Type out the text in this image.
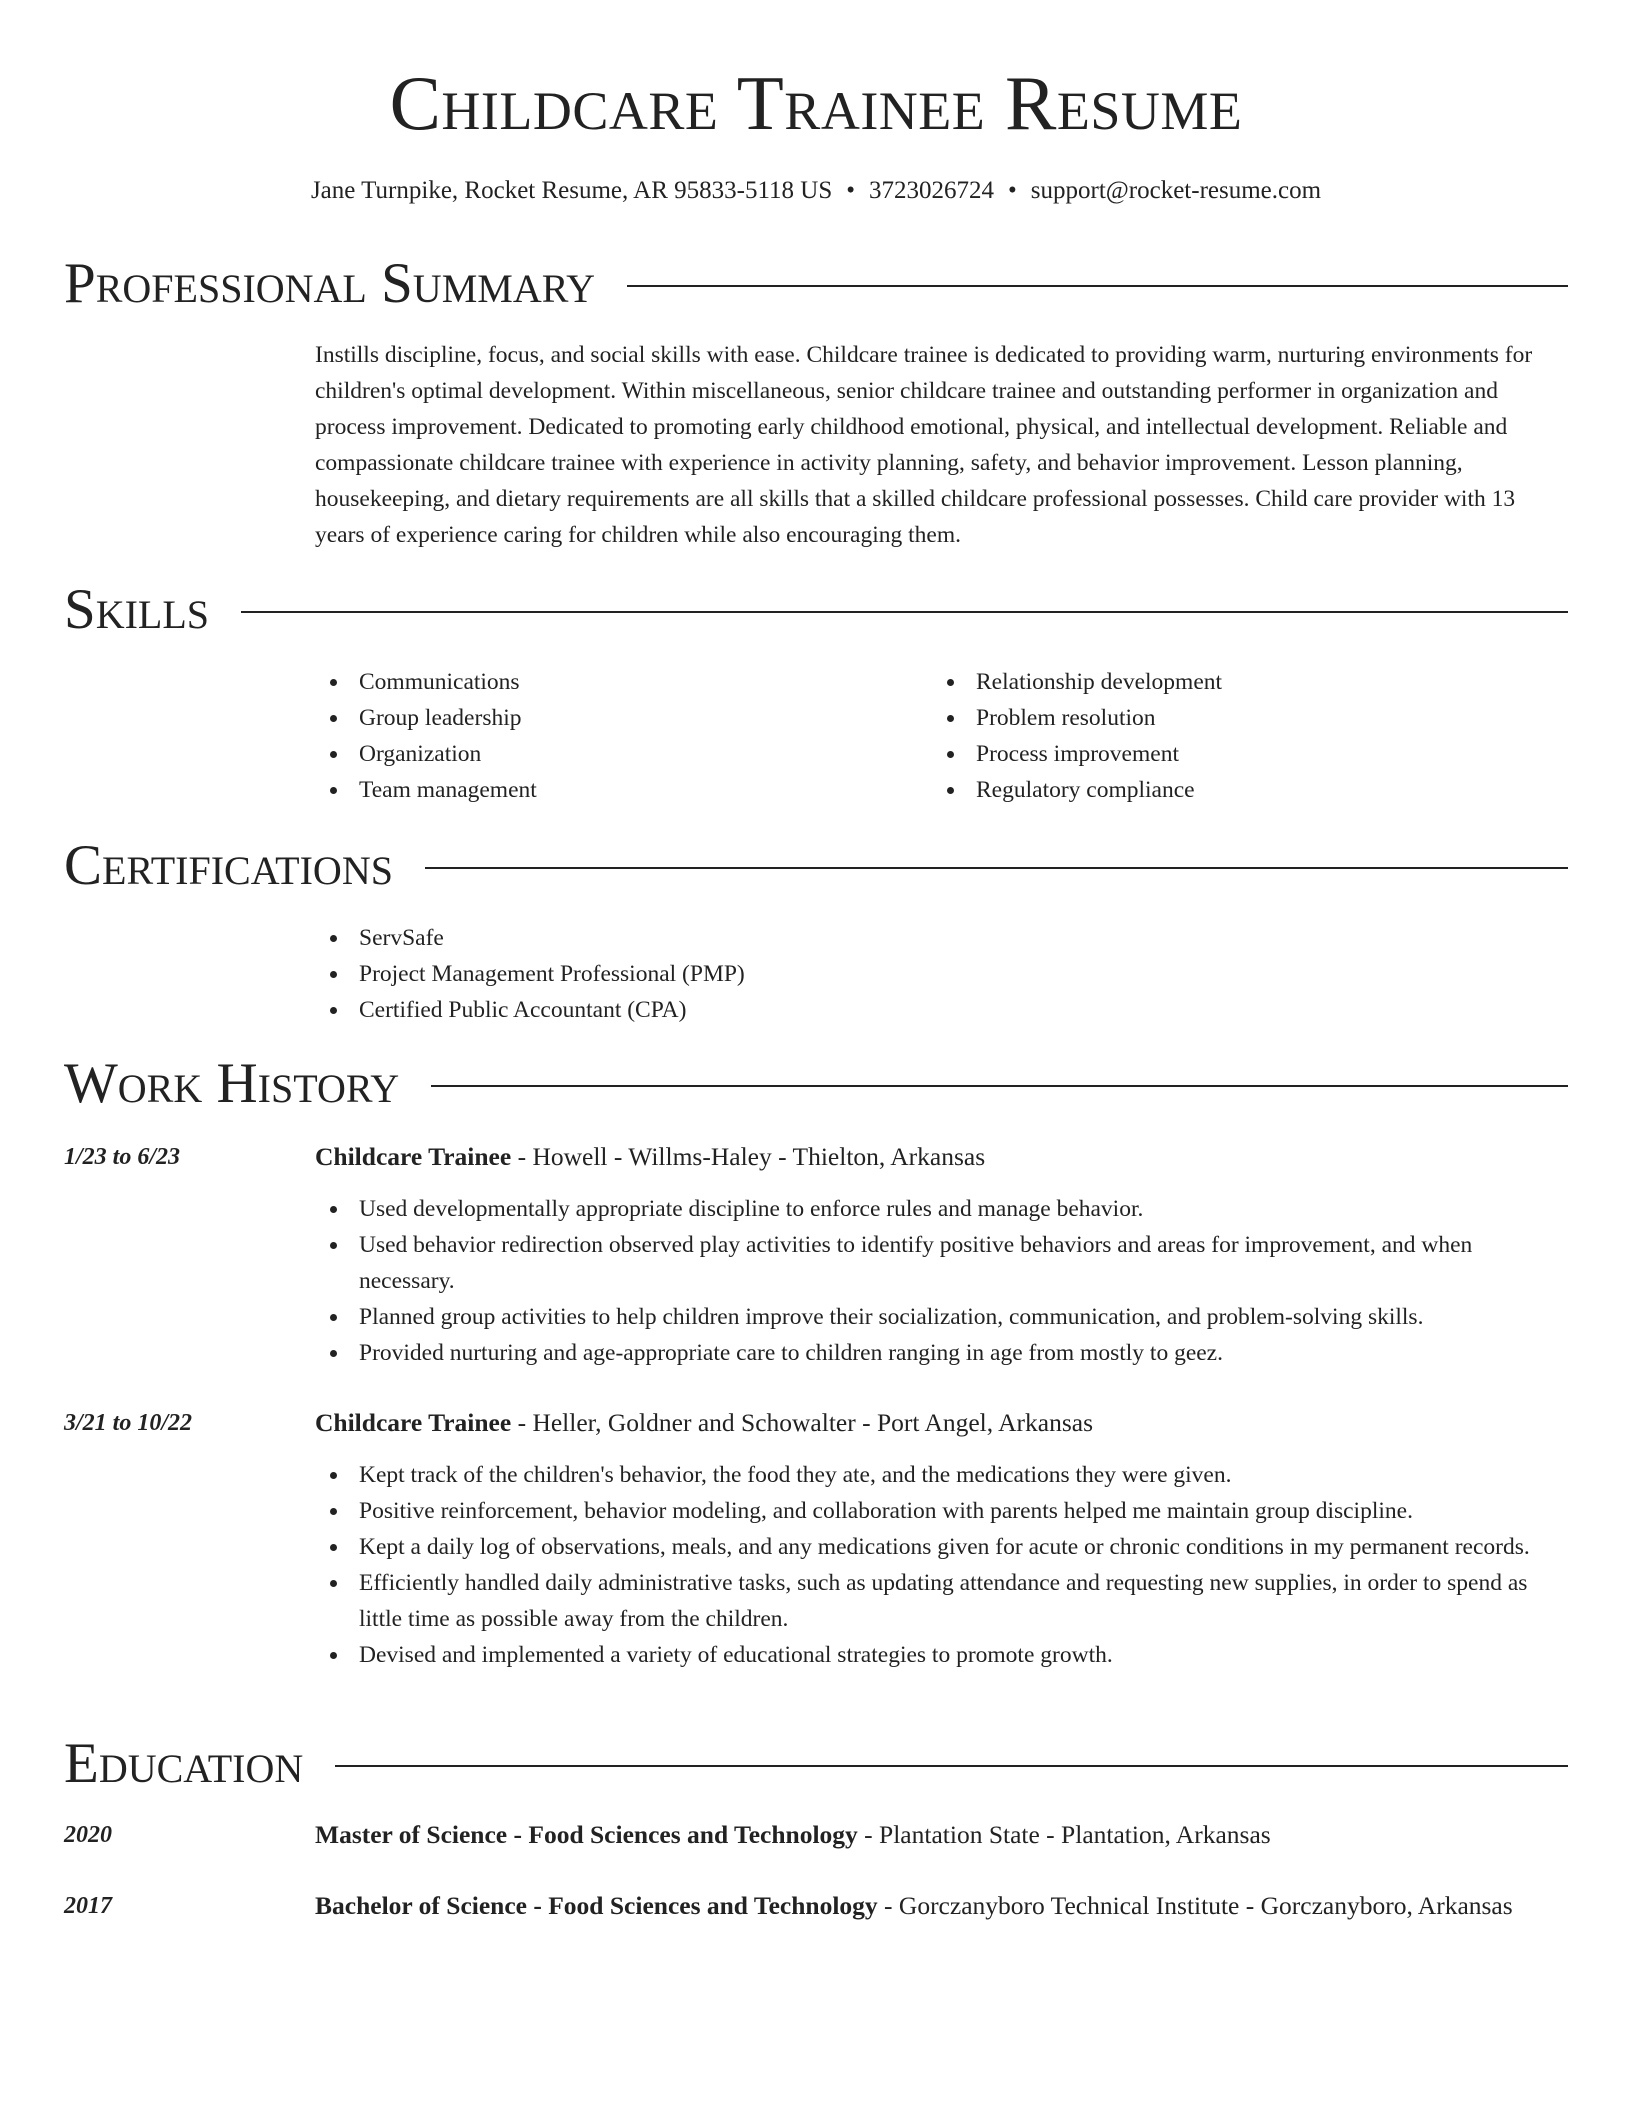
Childcare Trainee Resume
Jane Turnpike, Rocket Resume, AR 95833-5118 US • 3723026724 • support@rocket-resume.com
Professional Summary

Instills discipline, focus, and social skills with ease. Childcare trainee is dedicated to providing warm, nurturing environments for children's optimal development. Within miscellaneous, senior childcare trainee and outstanding performer in organization and process improvement. Dedicated to promoting early childhood emotional, physical, and intellectual development. Reliable and compassionate childcare trainee with experience in activity planning, safety, and behavior improvement. Lesson planning, housekeeping, and dietary requirements are all skills that a skilled childcare professional possesses. Child care provider with 13 years of experience caring for children while also encouraging them.

Skills
Communications
Group leadership
Organization
Team management
Relationship development
Problem resolution
Process improvement
Regulatory compliance
Certifications
ServSafe
Project Management Professional (PMP)
Certified Public Accountant (CPA)
Work History
1/23 to 6/23	Childcare Trainee - Howell - Willms-Haley - Thielton, Arkansas
Used developmentally appropriate discipline to enforce rules and manage behavior.
Used behavior redirection observed play activities to identify positive behaviors and areas for improvement, and when necessary.
Planned group activities to help children improve their socialization, communication, and problem-solving skills.
Provided nurturing and age-appropriate care to children ranging in age from mostly to geez.
3/21 to 10/22	Childcare Trainee - Heller, Goldner and Schowalter - Port Angel, Arkansas
Kept track of the children's behavior, the food they ate, and the medications they were given.
Positive reinforcement, behavior modeling, and collaboration with parents helped me maintain group discipline.
Kept a daily log of observations, meals, and any medications given for acute or chronic conditions in my permanent records.
Efficiently handled daily administrative tasks, such as updating attendance and requesting new supplies, in order to spend as little time as possible away from the children.
Devised and implemented a variety of educational strategies to promote growth.
Education
2020	Master of Science - Food Sciences and Technology - Plantation State - Plantation, Arkansas
2017	Bachelor of Science - Food Sciences and Technology - Gorczanyboro Technical Institute - Gorczanyboro, Arkansas
